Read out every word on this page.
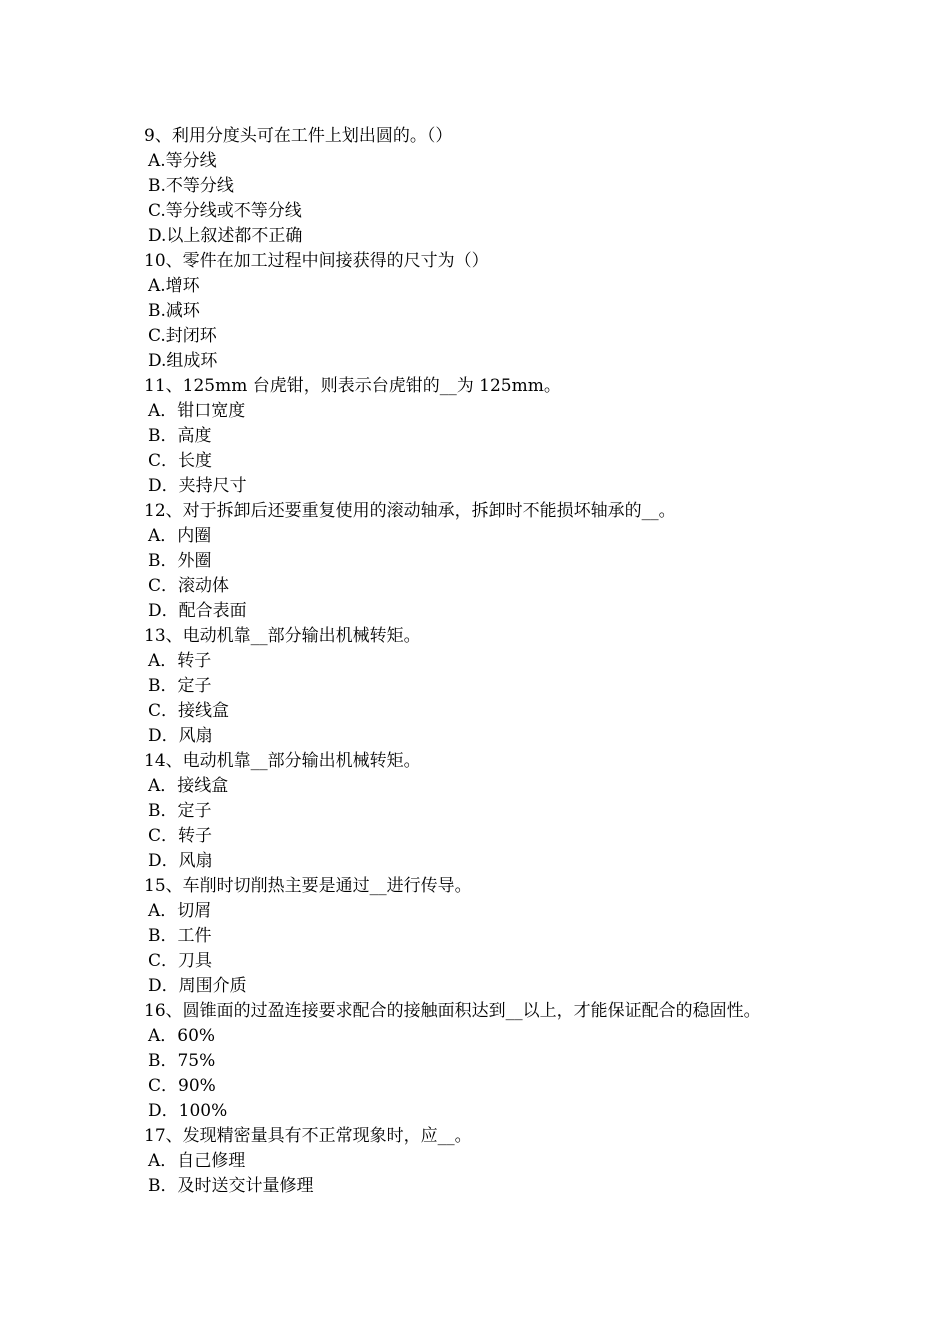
9、利用分度头可在工件上划出圆的。（）
A.等分线
B.不等分线
C.等分线或不等分线
D.以上叙述都不正确
10、零件在加工过程中间接获得的尺寸为（）
A.增环
B.减环
C.封闭环
D.组成环
11、125mm 台虎钳，则表示台虎钳的__为 125mm。
A．钳口宽度
B．高度
C．长度
D．夹持尺寸
12、对于拆卸后还要重复使用的滚动轴承，拆卸时不能损坏轴承的__。
A．内圈
B．外圈
C．滚动体
D．配合表面
13、电动机靠__部分输出机械转矩。
A．转子
B．定子
C．接线盒
D．风扇
14、电动机靠__部分输出机械转矩。
A．接线盒
B．定子
C．转子
D．风扇
15、车削时切削热主要是通过__进行传导。
A．切屑
B．工件
C．刀具
D．周围介质
16、圆锥面的过盈连接要求配合的接触面积达到__以上，才能保证配合的稳固性。
A．60%
B．75%
C．90%
D．100%
17、发现精密量具有不正常现象时，应__。
A．自己修理
B．及时送交计量修理
